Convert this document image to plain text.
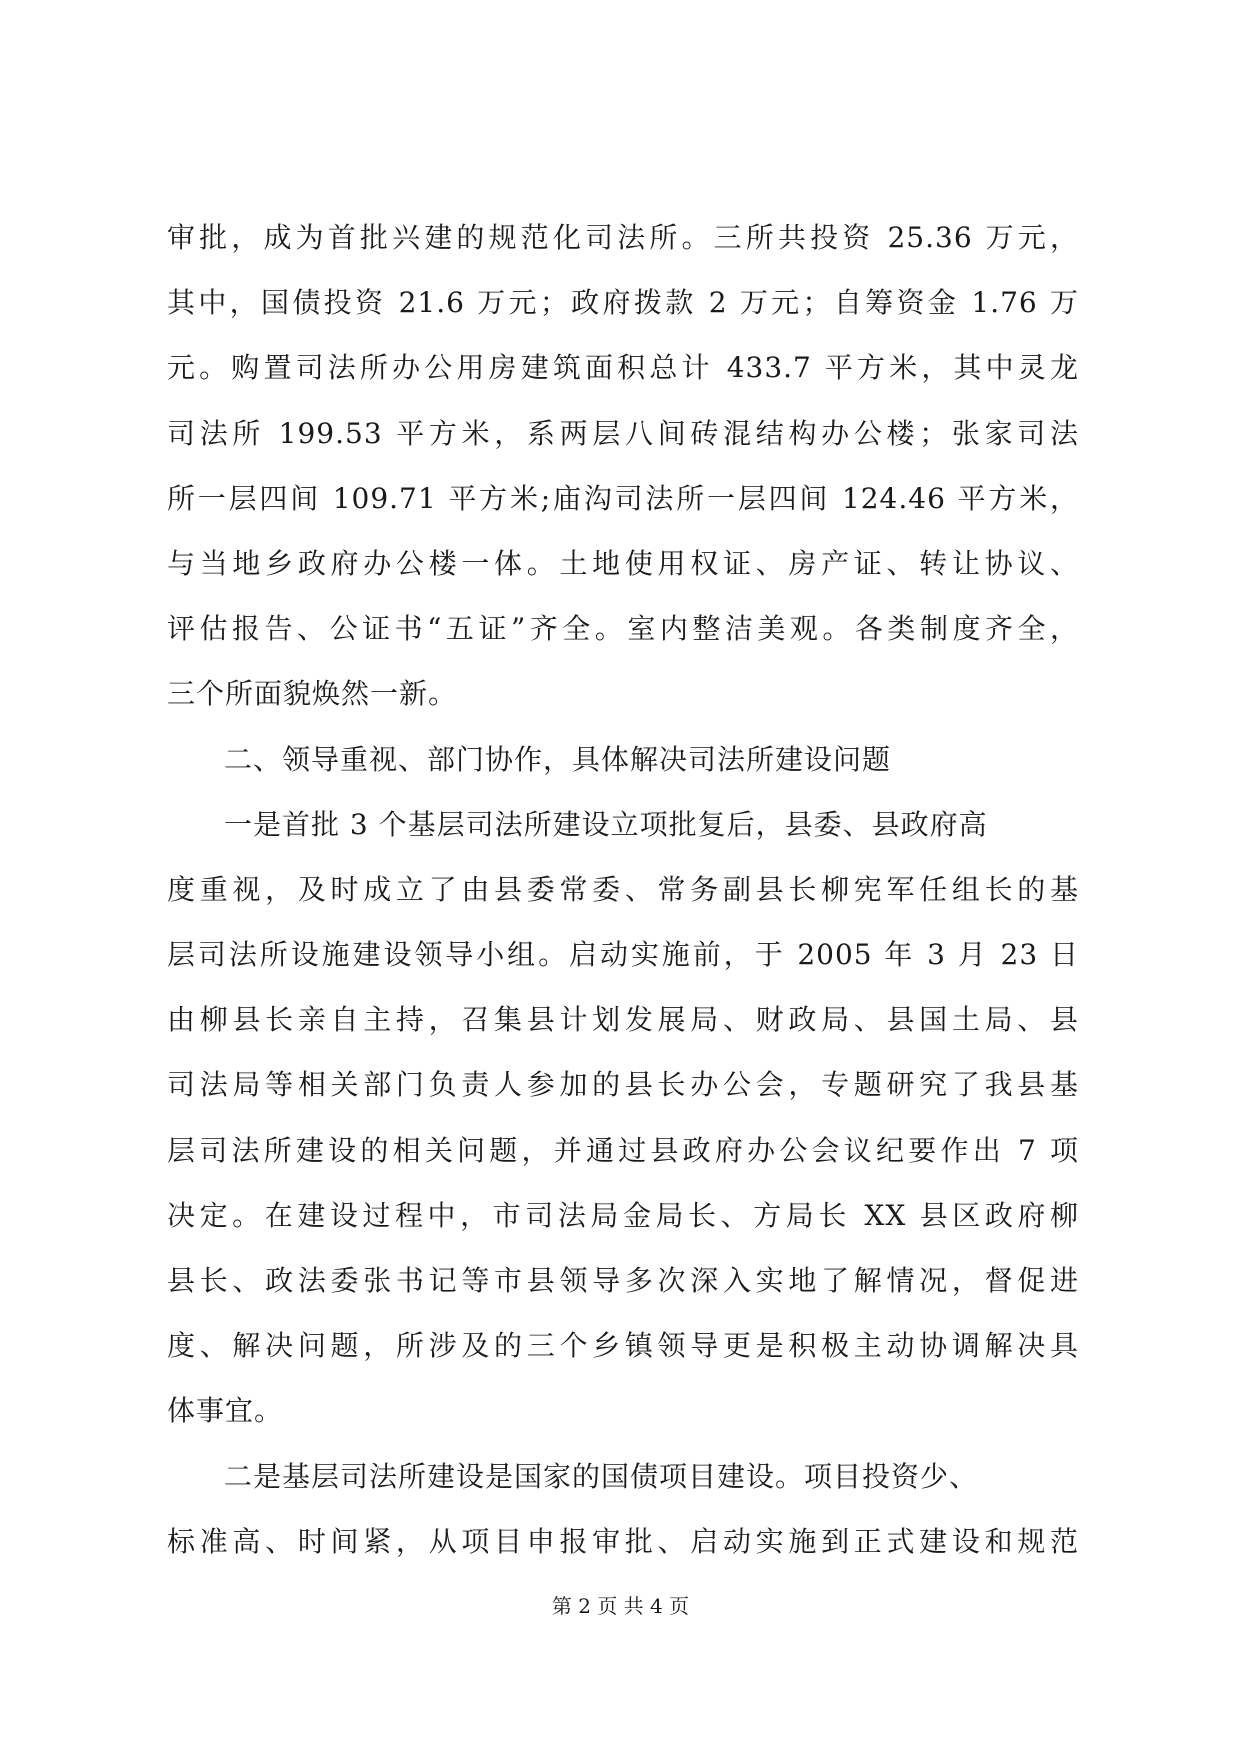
审批，成为首批兴建的规范化司法所。三所共投资 25.36 万元，
其中，国债投资 21.6 万元；政府拨款 2 万元；自筹资金 1.76 万
元。购置司法所办公用房建筑面积总计 433.7 平方米，其中灵龙
司法所 199.53 平方米，系两层八间砖混结构办公楼；张家司法
所一层四间 109.71 平方米;庙沟司法所一层四间 124.46 平方米，
与当地乡政府办公楼一体。土地使用权证、房产证、转让协议、
评估报告、公证书“五证”齐全。室内整洁美观。各类制度齐全，
三个所面貌焕然一新。
二、领导重视、部门协作，具体解决司法所建设问题
一是首批 3 个基层司法所建设立项批复后，县委、县政府高
度重视，及时成立了由县委常委、常务副县长柳宪军任组长的基
层司法所设施建设领导小组。启动实施前，于 2005 年 3 月 23 日
由柳县长亲自主持，召集县计划发展局、财政局、县国土局、县
司法局等相关部门负责人参加的县长办公会，专题研究了我县基
层司法所建设的相关问题，并通过县政府办公会议纪要作出 7 项
决定。在建设过程中，市司法局金局长、方局长 XX 县区政府柳
县长、政法委张书记等市县领导多次深入实地了解情况，督促进
度、解决问题，所涉及的三个乡镇领导更是积极主动协调解决具
体事宜。
二是基层司法所建设是国家的国债项目建设。项目投资少、
标准高、时间紧，从项目申报审批、启动实施到正式建设和规范
第 2 页 共 4 页
